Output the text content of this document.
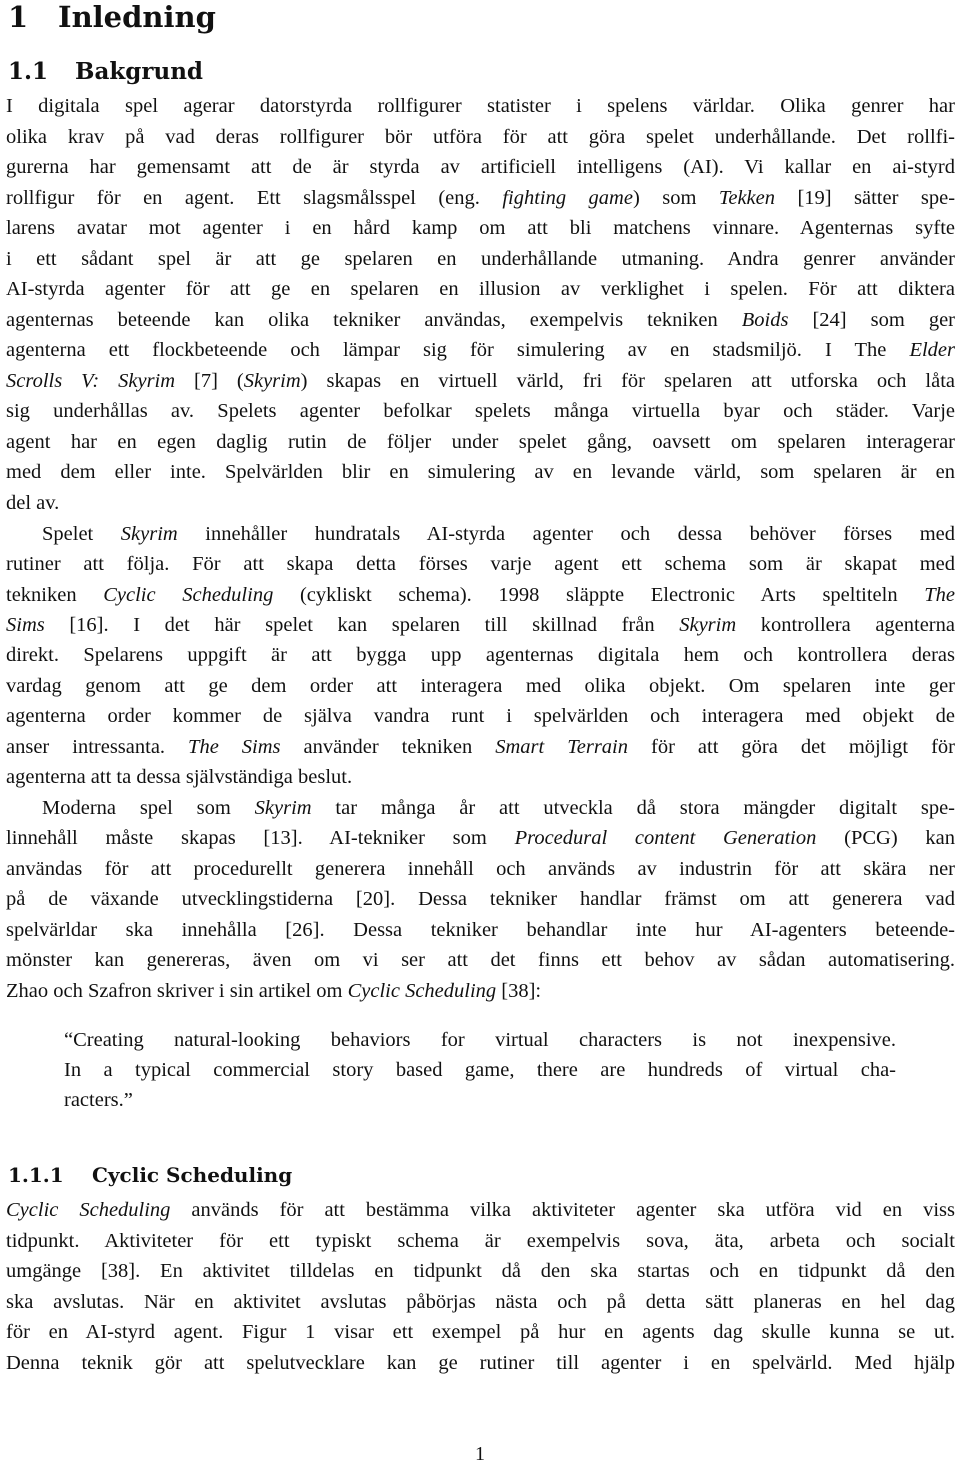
1 Inledning
1.1 Bakgrund
I digitala spel agerar datorstyrda rollfigurer statister i spelens världar. Olika genrer har
olika krav på vad deras rollfigurer bör utföra för att göra spelet underhållande. Det rollfi-
gurerna har gemensamt att de är styrda av artificiell intelligens (AI). Vi kallar en ai-styrd
rollfigur för en agent. Ett slagsmålsspel (eng. fighting game) som Tekken [19] sätter spe-
larens avatar mot agenter i en hård kamp om att bli matchens vinnare. Agenternas syfte
i ett sådant spel är att ge spelaren en underhållande utmaning. Andra genrer använder
AI-styrda agenter för att ge en spelaren en illusion av verklighet i spelen. För att diktera
agenternas beteende kan olika tekniker användas, exempelvis tekniken Boids [24] som ger
agenterna ett flockbeteende och lämpar sig för simulering av en stadsmiljö. I The Elder
Scrolls V: Skyrim [7] (Skyrim) skapas en virtuell värld, fri för spelaren att utforska och låta
sig underhållas av. Spelets agenter befolkar spelets många virtuella byar och städer. Varje
agent har en egen daglig rutin de följer under spelet gång, oavsett om spelaren interagerar
med dem eller inte. Spelvärlden blir en simulering av en levande värld, som spelaren är en
del av.
Spelet Skyrim innehåller hundratals AI-styrda agenter och dessa behöver förses med
rutiner att följa. För att skapa detta förses varje agent ett schema som är skapat med
tekniken Cyclic Scheduling (cykliskt schema). 1998 släppte Electronic Arts speltiteln The
Sims [16]. I det här spelet kan spelaren till skillnad från Skyrim kontrollera agenterna
direkt. Spelarens uppgift är att bygga upp agenternas digitala hem och kontrollera deras
vardag genom att ge dem order att interagera med olika objekt. Om spelaren inte ger
agenterna order kommer de själva vandra runt i spelvärlden och interagera med objekt de
anser intressanta. The Sims använder tekniken Smart Terrain för att göra det möjligt för
agenterna att ta dessa självständiga beslut.
Moderna spel som Skyrim tar många år att utveckla då stora mängder digitalt spe-
linnehåll måste skapas [13]. AI-tekniker som Procedural content Generation (PCG) kan
användas för att procedurellt generera innehåll och används av industrin för att skära ner
på de växande utvecklingstiderna [20]. Dessa tekniker handlar främst om att generera vad
spelvärldar ska innehålla [26]. Dessa tekniker behandlar inte hur AI-agenters beteende-
mönster kan genereras, även om vi ser att det finns ett behov av sådan automatisering.
Zhao och Szafron skriver i sin artikel om Cyclic Scheduling [38]:
“Creating natural-looking behaviors for virtual characters is not inexpensive.
In a typical commercial story based game, there are hundreds of virtual cha-
racters.”
Cyclic Scheduling används för att bestämma vilka aktiviteter agenter ska utföra vid en viss
tidpunkt. Aktiviteter för ett typiskt schema är exempelvis sova, äta, arbeta och socialt
umgänge [38]. En aktivitet tilldelas en tidpunkt då den ska startas och en tidpunkt då den
ska avslutas. När en aktivitet avslutas påbörjas nästa och på detta sätt planeras en hel dag
för en AI-styrd agent. Figur 1 visar ett exempel på hur en agents dag skulle kunna se ut.
Denna teknik gör att spelutvecklare kan ge rutiner till agenter i en spelvärld. Med hjälp
1.1.1 Cyclic Scheduling
1
